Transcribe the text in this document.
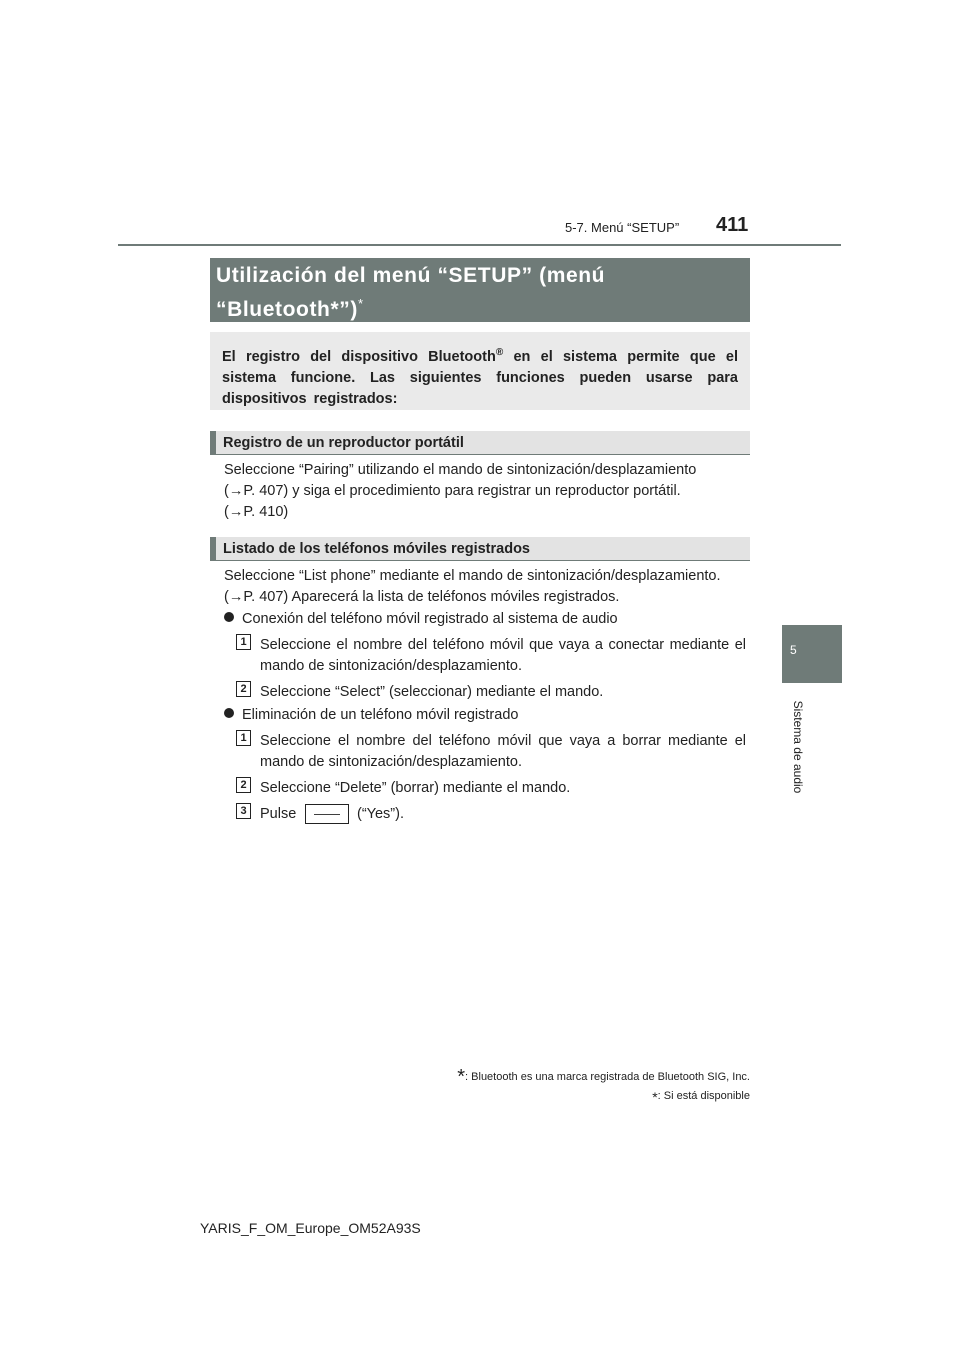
5-7. Menú “SETUP” 411
5
Sistema de audio
Utilización del menú “SETUP” (menú
“Bluetooth*”)*
El registro del dispositivo Bluetooth® en el sistema permite que el sistema funcione. Las siguientes funciones pueden usarse para dispositivos registrados:
Registro de un reproductor portátil
Seleccione “Pairing” utilizando el mando de sintonización/desplazamiento
(→P. 407) y siga el procedimiento para registrar un reproductor portátil.
(→P. 410)
Listado de los teléfonos móviles registrados
Seleccione “List phone” mediante el mando de sintonización/desplazamiento.
(→P. 407) Aparecerá la lista de teléfonos móviles registrados.
Conexión del teléfono móvil registrado al sistema de audio
1 Seleccione el nombre del teléfono móvil que vaya a conectar mediante el mando de sintonización/desplazamiento.
2 Seleccione “Select” (seleccionar) mediante el mando.
Eliminación de un teléfono móvil registrado
1 Seleccione el nombre del teléfono móvil que vaya a borrar mediante el mando de sintonización/desplazamiento.
2 Seleccione “Delete” (borrar) mediante el mando.
3 Pulse	——	(“Yes”).
*: Bluetooth es una marca registrada de Bluetooth SIG, Inc.
*: Si está disponible
YARIS_F_OM_Europe_OM52A93S
